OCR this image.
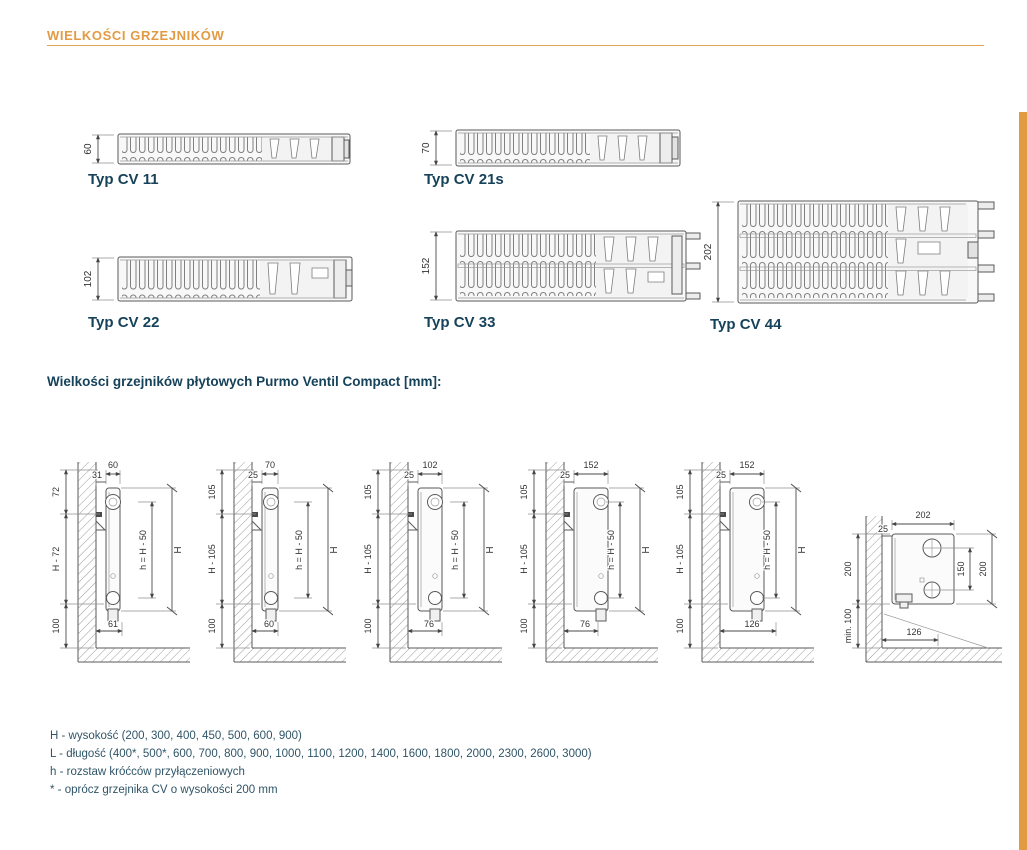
WIELKOŚCI GRZEJNIKÓW
60

Typ CV 11

70

Typ CV 21s

102

Typ CV 22

152

Typ CV 33

202

Typ CV 44

Wielkości grzejników płytowych Purmo Ventil Compact [mm]:
60
31
72
H - 72
100
h = H - 50	H
61
70
25
105
H - 105
100
h = H - 50	H
60
102
25
105
H - 105
100
h = H - 50	H
76
152
25
105
H - 105
100
h = H - 50	H
76
152
25
105
H - 105
100
h = H - 50	H
126
202
25
200
min. 100
150 200
126

H - wysokość (200, 300, 400, 450, 500, 600, 900)

L - długość (400*, 500*, 600, 700, 800, 900, 1000, 1100, 1200, 1400, 1600, 1800, 2000, 2300, 2600, 3000)

h - rozstaw króćców przyłączeniowych

* - oprócz grzejnika CV o wysokości 200 mm
